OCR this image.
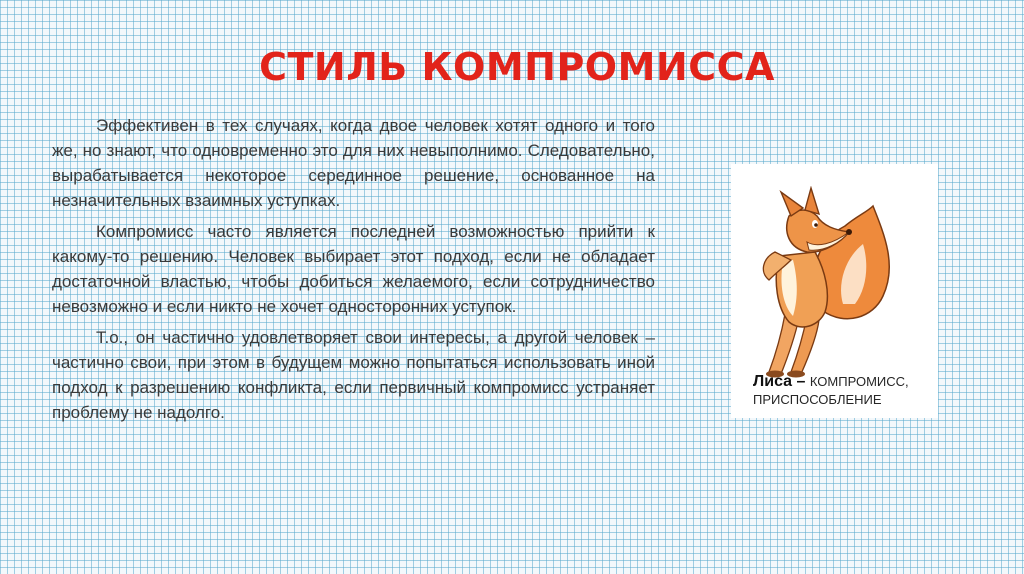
СТИЛЬ КОМПРОМИССА

Эффективен в тех случаях, когда двое человек хотят одного и того же, но знают, что одновременно это для них невыполнимо. Следовательно, вырабатывается некоторое серединное решение, основанное на незначительных взаимных уступках.

Компромисс часто является последней возможностью прийти к какому-то решению. Человек выбирает этот подход, если не обладает достаточной властью, чтобы добиться желаемого, если сотрудничество невозможно и если никто не хочет односторонних уступок.

Т.о., он частично удовлетворяет свои интересы, а другой человек – частично свои, при этом в будущем можно попытаться использовать иной подход к разрешению конфликта, если первичный компромисс устраняет проблему не надолго.

Лиса – КОМПРОМИСС, ПРИСПОСОБЛЕНИЕ
